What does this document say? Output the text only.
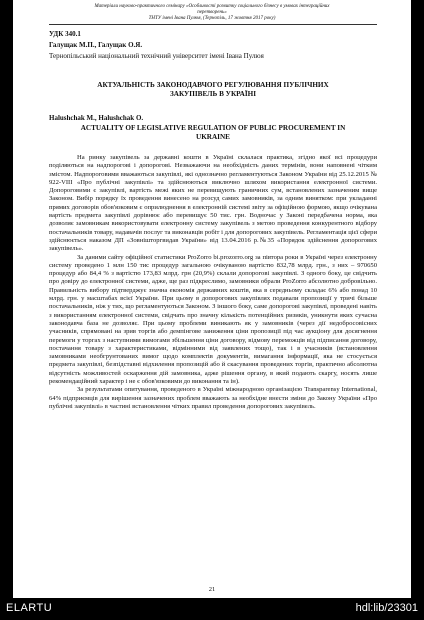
Матеріали науково-практичного семінару «Особливості розвитку соціального бізнесу в умовах інтеграційних
перетворень»
ТНТУ імені Івана Пулюя, (Тернопіль, 17 жовтня 2017 року)
УДК 340.1
Галущак М.П., Галущак О.Я.
Тернопільський національний технічний університет імені Івана Пулюя
АКТУАЛЬНІСТЬ ЗАКОНОДАВЧОГО РЕГУЛЮВАННЯ ПУБЛІЧНИХ
ЗАКУПІВЕЛЬ В УКРАЇНІ
Halushchak M., Halushchak O.
ACTUALITY OF LEGISLATIVE REGULATION OF PUBLIC PROCUREMENT IN
UKRAINE

На ринку закупівель за державні кошти в Україні склалася практика, згідно якої всі процедури поділяються на надпорогові і допорогові. Незважаючи на необхідність даних термінів, вони наповнені чітким змістом. Надпороговими вважаються закупівлі, які однозначно регламентуються Законом України від 25.12.2015 № 922-VIII «Про публічні закупівлі» та здійснюються виключно шляхом використання електронної системи. Допороговими є закупівлі, вартість межі яких не перевищують граничних сум, встановлених зазначеним вище Законом. Вибір порядку їх проведення винесено на розсуд самих замовників, за одним винятком: при укладанні прямих договорів обов'язковим є оприлюднення в електронній системі звіту за офіційною формою, якщо очікувана вартість предмета закупівлі дорівнює або перевищує 50 тис. грн. Водночас у Законі передбачена норма, яка дозволяє замовникам використовувати електронну систему закупівель з метою проведення конкурентного відбору постачальників товару, надавачів послуг та виконавців робіт і для допорогових закупівель. Регламентація цієї сфери здійснюється наказом ДП «Зовнішторгвидав України» від 13.04.2016 р.№35 «Порядок здійснення допорогових закупівель».

За даними сайту офіційної статистики ProZorro bi.prozorro.org за півтора роки в Україні через електронну систему проведено 1 млн 150 тис процедур загальною очікуваною вартістю 832,78 млрд. грн., з них – 970650 процедур або 84,4 % з вартістю 173,83 млрд. грн (20,9%) склали допорогові закупівлі. З одного боку, це свідчить про довіру до електронної системи, адже, ще раз підкреслимо, замовники обрали ProZorro абсолютно добровільно. Правильність вибору підтверджує значна економія державних коштів, яка в середньому складає 6% або понад 10 млрд. грн. у масштабах всієї України. При цьому в допорогових закупівлях подавали пропозиції у тричі більше постачальників, ніж у тих, що регламентуються Законом. З іншого боку, саме допорогові закупівлі, проведені навіть з використанням електронної системи, свідчать про значну кількість потенційних ризиків, уникнути яких сучасна законодавча база не дозволяє. При цьому проблеми виникають як у замовників (через дії недобросовісних учасників, спрямовані на зрив торгів або демпінгове заниження ціни пропозиції під час аукціону для досягнення перемоги у торгах з наступними вимогами збільшення ціни договору, відмову переможців від підписання договору, постачання товару з характеристиками, відмінними від заявлених тощо), так і в учасників (встановлення замовниками необгрунтованих вимог щодо комплектів документів, вимагання інформації, яка не стосується предмета закупівлі, безпідставні відхилення пропозицій або й скасування проведених торгів, практично абсолютна відсутність можливостей оскарження дій замовника, адже рішення органу, в який подають скаргу, носять лише рекомендаційний характер і не є обов'язковими до виконання та ін).

За результатами опитування, проведеного в Україні міжнародною організацією Transparensy International, 64% підприємців для вирішення зазначених проблем вважають за необхідне внести зміни до Закону України «Про публічні закупівлі» в частині встановлення чітких правил проведення допорогових закупівель.

21
ELARTU	hdl:lib/23301
